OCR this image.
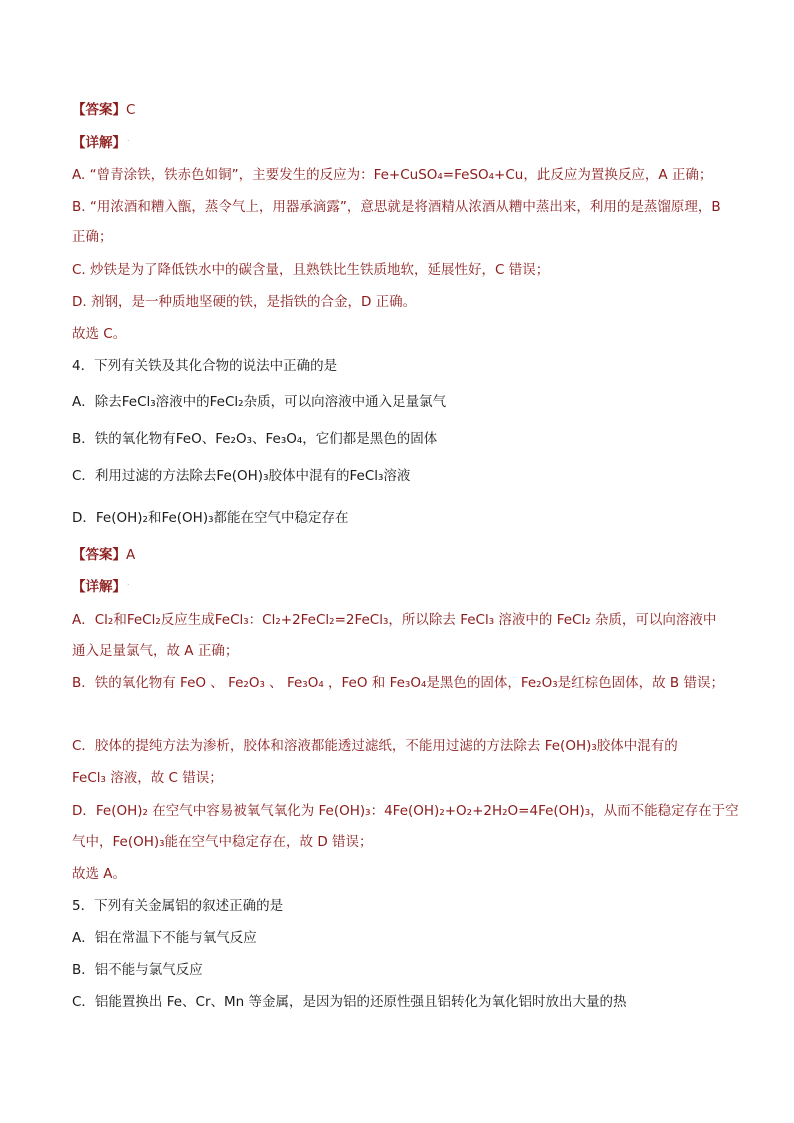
【答案】C
【详解】˙
A. “曾青涂铁，铁赤色如铜”，主要发生的反应为：Fe+CuSO₄=FeSO₄+Cu，此反应为置换反应，A 正确；
B. “用浓酒和糟入甑，蒸令气上，用器承滴露”，意思就是将酒精从浓酒从糟中蒸出来，利用的是蒸馏原理，B
正确；
C. 炒铁是为了降低铁水中的碳含量，且熟铁比生铁质地软，延展性好，C 错误；
D. 剂钢，是一种质地坚硬的铁，是指铁的合金，D 正确。
故选 C。
4．下列有关铁及其化合物的说法中正确的是
A．除去FeCl₃溶液中的FeCl₂杂质，可以向溶液中通入足量氯气
B．铁的氧化物有FeO、Fe₂O₃、Fe₃O₄，它们都是黑色的固体
C．利用过滤的方法除去Fe(OH)₃胶体中混有的FeCl₃溶液
D．Fe(OH)₂和Fe(OH)₃都能在空气中稳定存在
【答案】A
【详解】˙
A．Cl₂和FeCl₂反应生成FeCl₃：Cl₂+2FeCl₂=2FeCl₃，所以除去 FeCl₃ 溶液中的 FeCl₂ 杂质，可以向溶液中
通入足量氯气，故 A 正确；
B．铁的氧化物有 FeO 、 Fe₂O₃ 、 Fe₃O₄ ，FeO 和 Fe₃O₄是黑色的固体，Fe₂O₃是红棕色固体，故 B 错误；
C．胶体的提纯方法为渗析，胶体和溶液都能透过滤纸，不能用过滤的方法除去 Fe(OH)₃胶体中混有的
FeCl₃ 溶液，故 C 错误；
D．Fe(OH)₂ 在空气中容易被氧气氧化为 Fe(OH)₃：4Fe(OH)₂+O₂+2H₂O=4Fe(OH)₃，从而不能稳定存在于空
气中，Fe(OH)₃能在空气中稳定存在，故 D 错误；
故选 A。
5．下列有关金属铝的叙述正确的是
A．铝在常温下不能与氧气反应
B．铝不能与氯气反应
C．铝能置换出 Fe、Cr、Mn 等金属，是因为铝的还原性强且铝转化为氧化铝时放出大量的热
